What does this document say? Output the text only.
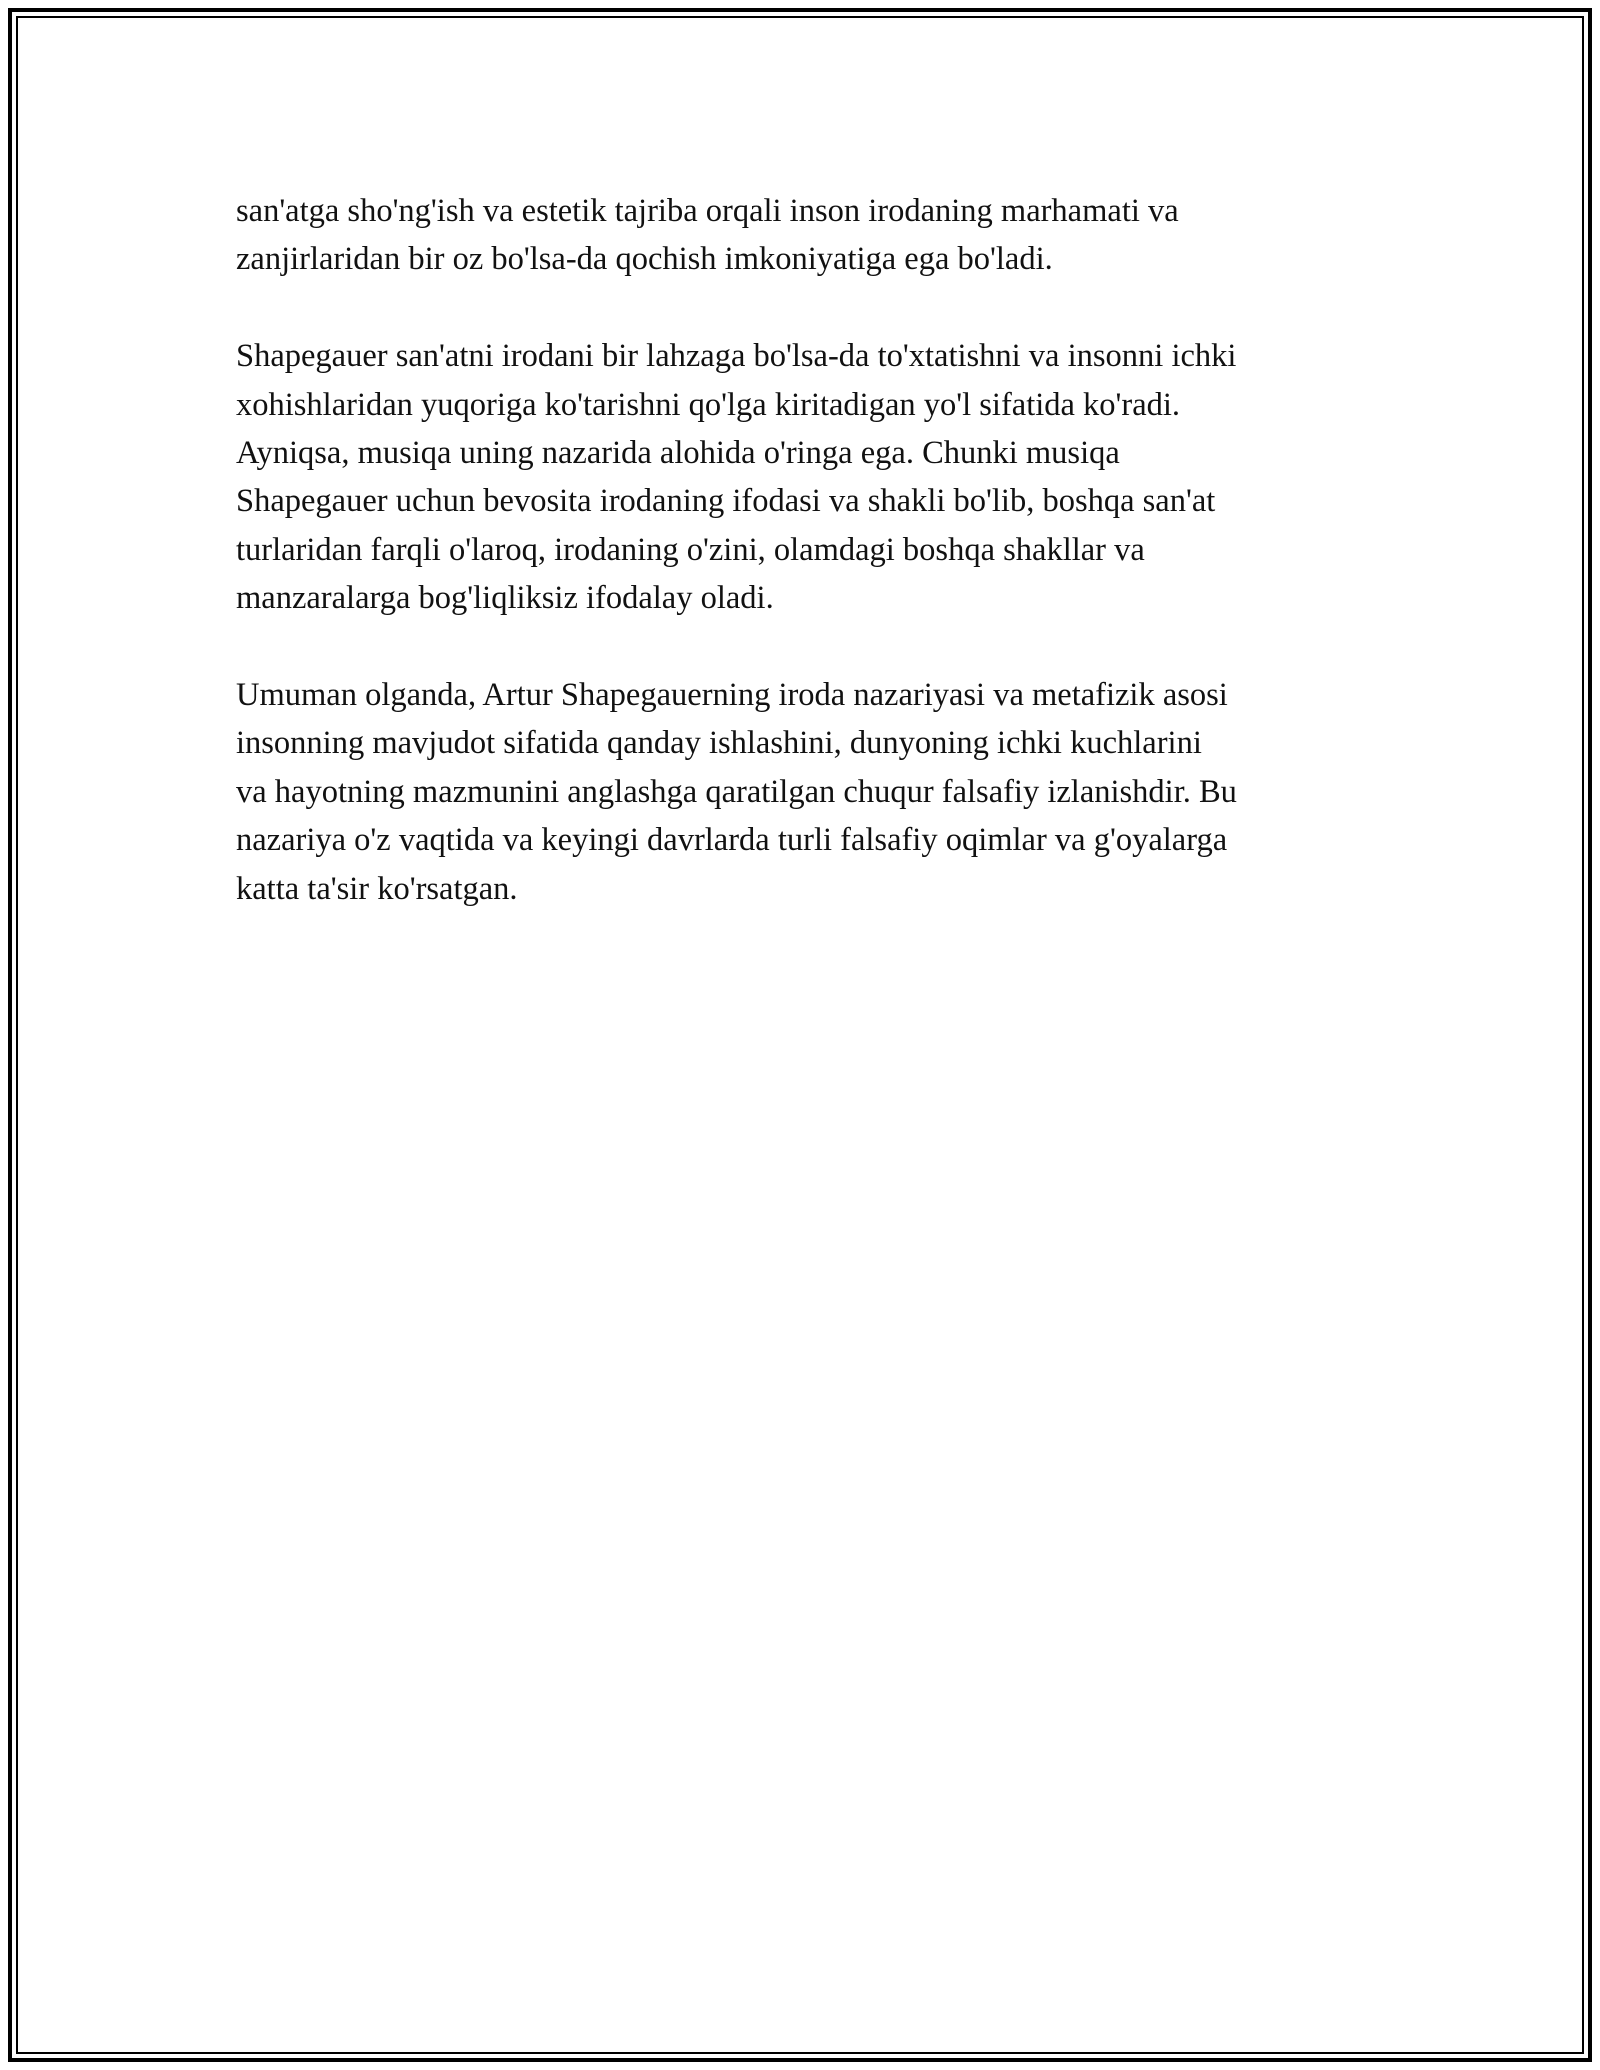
san'atga sho'ng'ish va estetik tajriba orqali inson irodaning marhamati va
zanjirlaridan bir oz bo'lsa-da qochish imkoniyatiga ega bo'ladi.

Shapegauer san'atni irodani bir lahzaga bo'lsa-da to'xtatishni va insonni ichki
xohishlaridan yuqoriga ko'tarishni qo'lga kiritadigan yo'l sifatida ko'radi.
Ayniqsa, musiqa uning nazarida alohida o'ringa ega. Chunki musiqa
Shapegauer uchun bevosita irodaning ifodasi va shakli bo'lib, boshqa san'at
turlaridan farqli o'laroq, irodaning o'zini, olamdagi boshqa shakllar va
manzaralarga bog'liqliksiz ifodalay oladi.

Umuman olganda, Artur Shapegauerning iroda nazariyasi va metafizik asosi
insonning mavjudot sifatida qanday ishlashini, dunyoning ichki kuchlarini
va hayotning mazmunini anglashga qaratilgan chuqur falsafiy izlanishdir. Bu
nazariya o'z vaqtida va keyingi davrlarda turli falsafiy oqimlar va g'oyalarga
katta ta'sir ko'rsatgan.
